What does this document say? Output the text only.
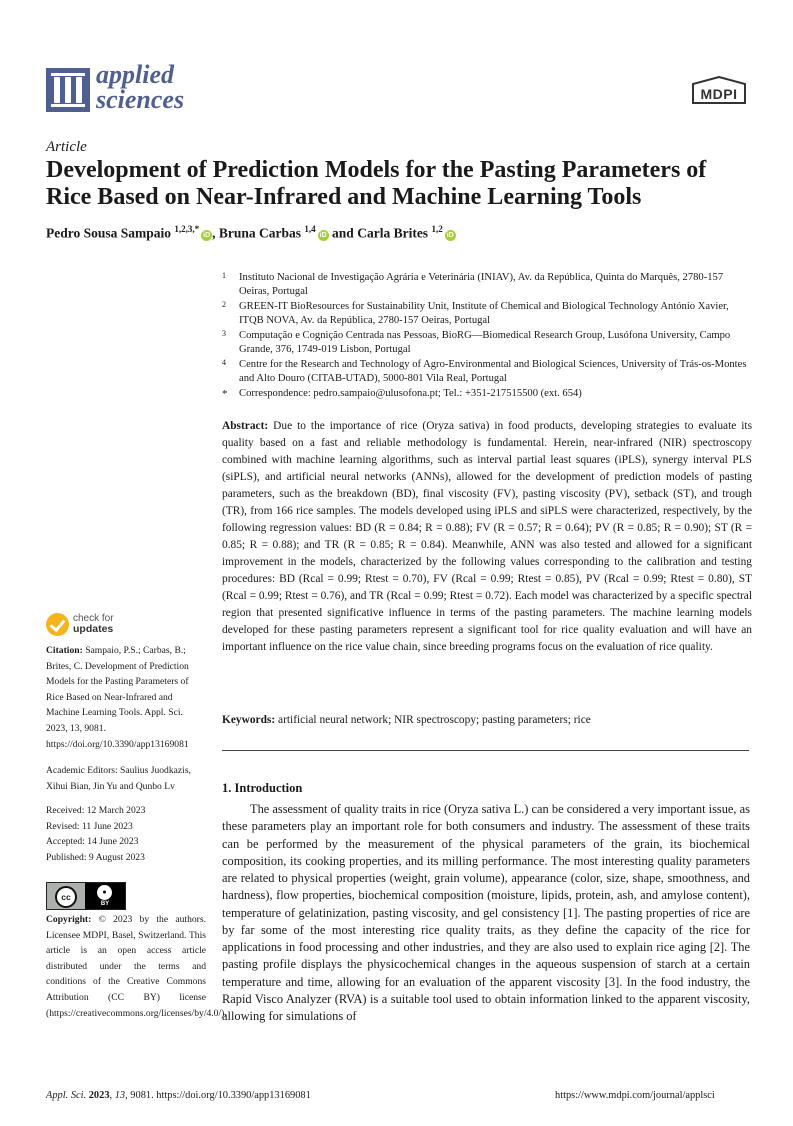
applied
sciences	MDPI
Article
Development of Prediction Models for the Pasting Parameters of Rice Based on Near-Infrared and Machine Learning Tools
Pedro Sousa Sampaio $^{1,2,3,*}$iD , Bruna Carbas $^{1,4}$iD and Carla Brites $^{1,2}$iD
1 Instituto Nacional de Investigação Agrária e Veterinária (INIAV), Av. da República, Quinta do Marquês, 2780-157 Oeiras, Portugal
2 GREEN-IT BioResources for Sustainability Unit, Institute of Chemical and Biological Technology António Xavier, ITQB NOVA, Av. da República, 2780-157 Oeiras, Portugal
3 Computação e Cognição Centrada nas Pessoas, BioRG—Biomedical Research Group, Lusófona University, Campo Grande, 376, 1749-019 Lisbon, Portugal
4 Centre for the Research and Technology of Agro-Environmental and Biological Sciences, University of Trás-os-Montes and Alto Douro (CITAB-UTAD), 5000-801 Vila Real, Portugal
* Correspondence: pedro.sampaio@ulusofona.pt; Tel.: +351-217515500 (ext. 654)
Abstract: Due to the importance of rice (Oryza sativa) in food products, developing strategies to evaluate its quality based on a fast and reliable methodology is fundamental. Herein, near-infrared (NIR) spectroscopy combined with machine learning algorithms, such as interval partial least squares (iPLS), synergy interval PLS (siPLS), and artificial neural networks (ANNs), allowed for the development of prediction models of pasting parameters, such as the breakdown (BD), final viscosity (FV), pasting viscosity (PV), setback (ST), and trough (TR), from 166 rice samples. The models developed using iPLS and siPLS were characterized, respectively, by the following regression values: BD (R = 0.84; R = 0.88); FV (R = 0.57; R = 0.64); PV (R = 0.85; R = 0.90); ST (R = 0.85; R = 0.88); and TR (R = 0.85; R = 0.84). Meanwhile, ANN was also tested and allowed for a significant improvement in the models, characterized by the following values corresponding to the calibration and testing procedures: BD (Rcal = 0.99; Rtest = 0.70), FV (Rcal = 0.99; Rtest = 0.85), PV (Rcal = 0.99; Rtest = 0.80), ST (Rcal = 0.99; Rtest = 0.76), and TR (Rcal = 0.99; Rtest = 0.72). Each model was characterized by a specific spectral region that presented significative influence in terms of the pasting parameters. The machine learning models developed for these pasting parameters represent a significant tool for rice quality evaluation and will have an important influence on the rice value chain, since breeding programs focus on the evaluation of rice quality.
Keywords: artificial neural network; NIR spectroscopy; pasting parameters; rice
1. Introduction

The assessment of quality traits in rice (Oryza sativa L.) can be considered a very important issue, as these parameters play an important role for both consumers and industry. The assessment of these traits can be performed by the measurement of the physical parameters of the grain, its biochemical composition, its cooking properties, and its milling performance. The most interesting quality parameters are related to physical properties (weight, grain volume), appearance (color, size, shape, smoothness, and hardness), flow properties, biochemical composition (moisture, lipids, protein, ash, and amylose content), temperature of gelatinization, pasting viscosity, and gel consistency [1]. The pasting properties of rice are by far some of the most interesting rice quality traits, as they define the capacity of the rice for applications in food processing and other industries, and they are also used to explain rice aging [2]. The pasting profile displays the physicochemical changes in the aqueous suspension of starch at a certain temperature and time, allowing for an evaluation of the apparent viscosity [3]. In the food industry, the Rapid Visco Analyzer (RVA) is a suitable tool used to obtain information linked to the apparent viscosity, allowing for simulations of

check for
updates
Citation: Sampaio, P.S.; Carbas, B.; Brites, C. Development of Prediction Models for the Pasting Parameters of Rice Based on Near-Infrared and Machine Learning Tools. Appl. Sci. 2023, 13, 9081. https://doi.org/10.3390/app13169081
Academic Editors: Saulius Juodkazis, Xihui Bian, Jin Yu and Qunbo Lv
Received: 12 March 2023
Revised: 11 June 2023
Accepted: 14 June 2023
Published: 9 August 2023
cc	●
BY
Copyright: © 2023 by the authors. Licensee MDPI, Basel, Switzerland. This article is an open access article distributed under the terms and conditions of the Creative Commons Attribution (CC BY) license (https://creativecommons.org/licenses/by/4.0/).
Appl. Sci. 2023, 13, 9081. https://doi.org/10.3390/app13169081	https://www.mdpi.com/journal/applsci
